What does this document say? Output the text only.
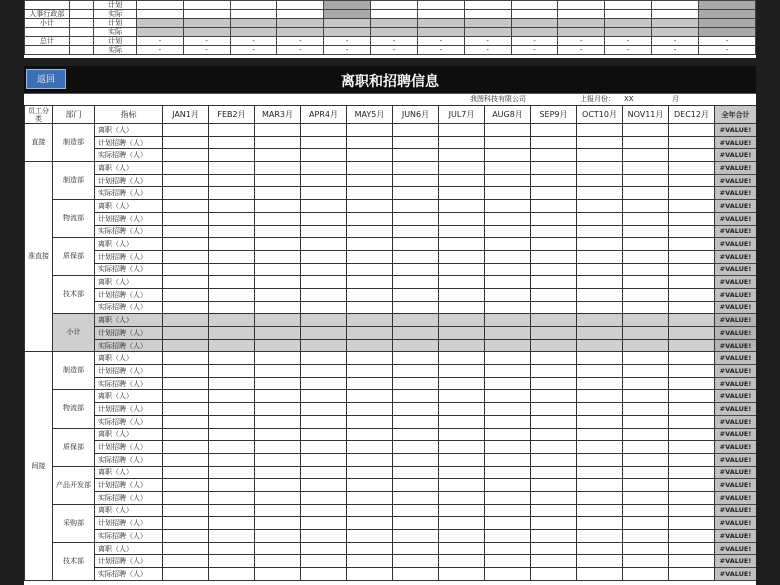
		计划													
人事行政部		实际													
小计		计划													
		实际													
总计		计划	-	-	-	-	-	-	-	-	-	-	-	-	-
		实际	-	-	-	-	-	-	-	-	-	-	-	-	-
返回	离职和招聘信息
我图科技有限公司	上报月份： XX	月
员工分类	部门	指标	JAN1月	FEB2月	MAR3月	APR4月	MAY5月	JUN6月	JUL7月	AUG8月	SEP9月	OCT10月	NOV11月	DEC12月	全年合计
直接	制造部	离职（人）													#VALUE!
		计划招聘（人）													#VALUE!
		实际招聘（人）													#VALUE!
准直接	制造部	离职（人）													#VALUE!
		计划招聘（人）													#VALUE!
		实际招聘（人）													#VALUE!
	物流部	离职（人）													#VALUE!
		计划招聘（人）													#VALUE!
		实际招聘（人）													#VALUE!
	质保部	离职（人）													#VALUE!
		计划招聘（人）													#VALUE!
		实际招聘（人）													#VALUE!
	技术部	离职（人）													#VALUE!
		计划招聘（人）													#VALUE!
		实际招聘（人）													#VALUE!
	小计	离职（人）													#VALUE!
		计划招聘（人）													#VALUE!
		实际招聘（人）													#VALUE!
间接	制造部	离职（人）													#VALUE!
		计划招聘（人）													#VALUE!
		实际招聘（人）													#VALUE!
	物流部	离职（人）													#VALUE!
		计划招聘（人）													#VALUE!
		实际招聘（人）													#VALUE!
	质保部	离职（人）													#VALUE!
		计划招聘（人）													#VALUE!
		实际招聘（人）													#VALUE!
	产品开发部	离职（人）													#VALUE!
		计划招聘（人）													#VALUE!
		实际招聘（人）													#VALUE!
	采购部	离职（人）													#VALUE!
		计划招聘（人）													#VALUE!
		实际招聘（人）													#VALUE!
	技术部	离职（人）													#VALUE!
		计划招聘（人）													#VALUE!
		实际招聘（人）													#VALUE!
